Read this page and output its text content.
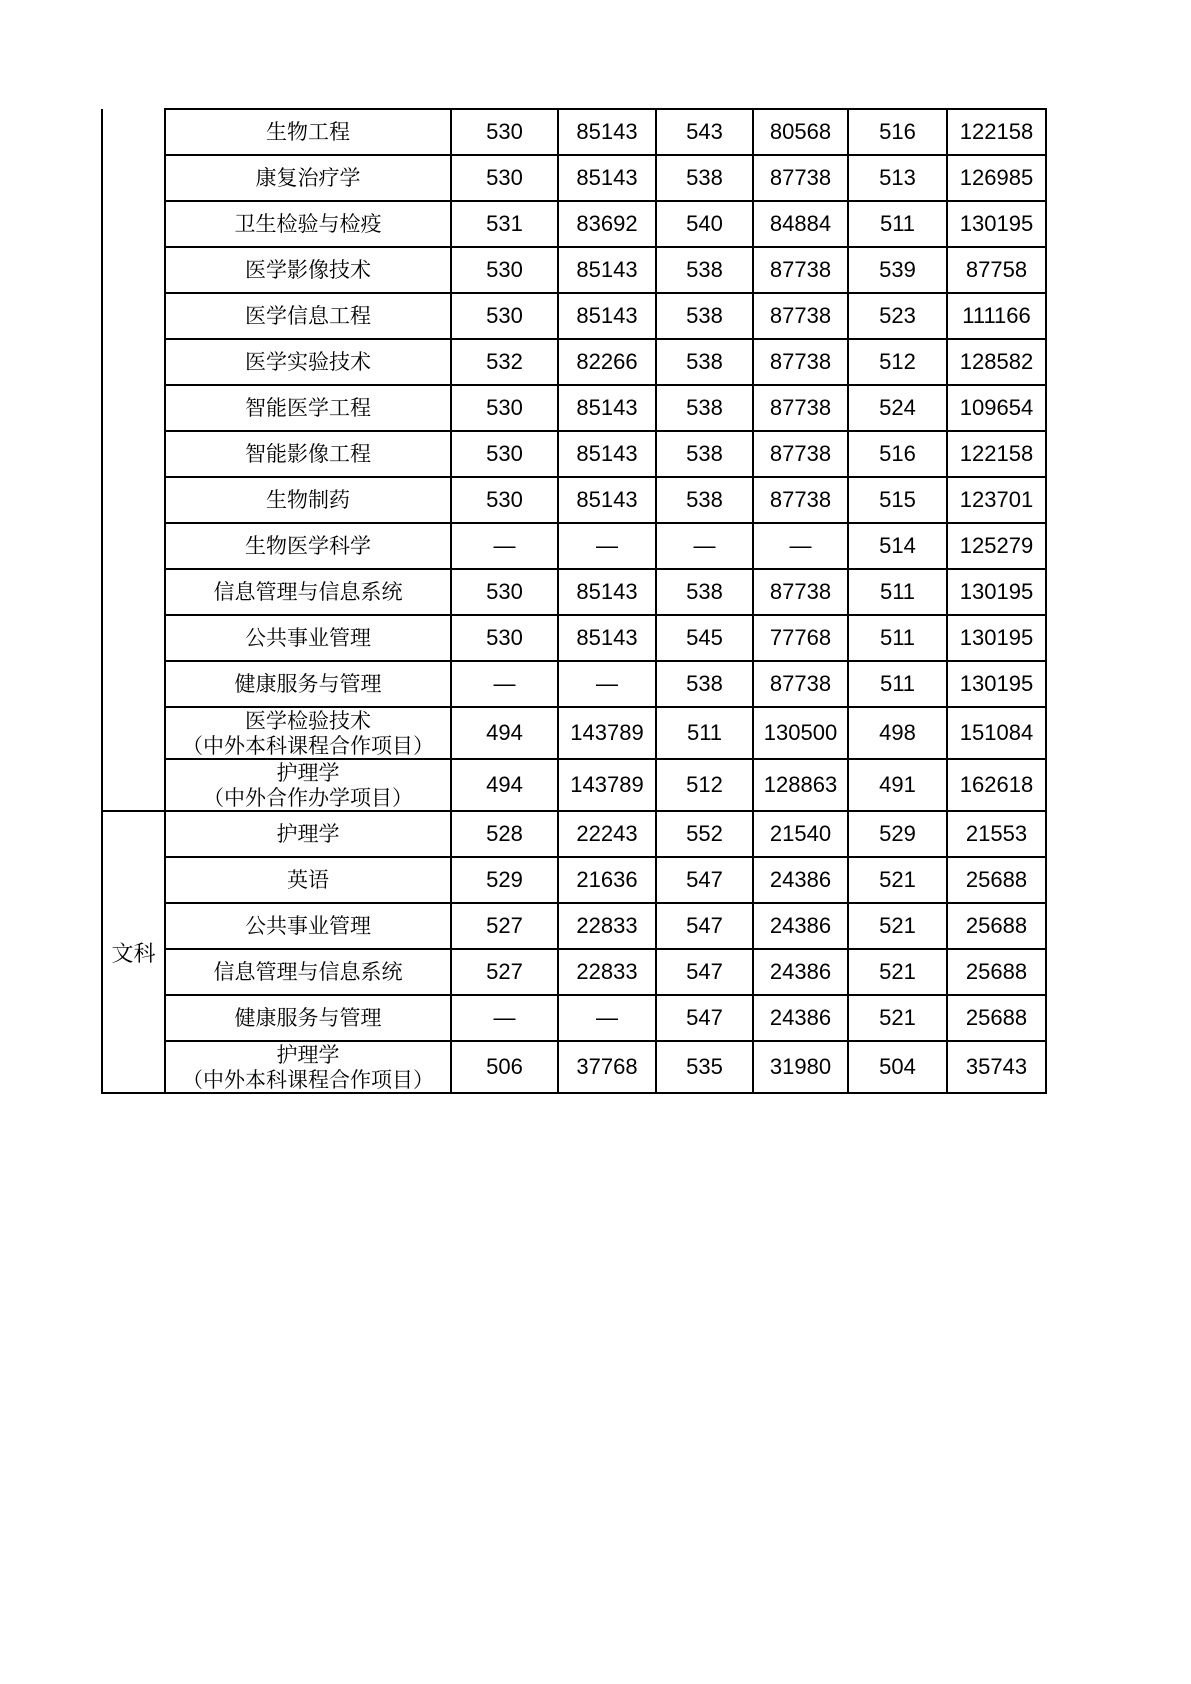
	生物工程	530	85143	543	80568	516	122158
	康复治疗学	530	85143	538	87738	513	126985
	卫生检验与检疫	531	83692	540	84884	511	130195
	医学影像技术	530	85143	538	87738	539	87758
	医学信息工程	530	85143	538	87738	523	111166
	医学实验技术	532	82266	538	87738	512	128582
	智能医学工程	530	85143	538	87738	524	109654
	智能影像工程	530	85143	538	87738	516	122158
	生物制药	530	85143	538	87738	515	123701
	生物医学科学	—	—	—	—	514	125279
	信息管理与信息系统	530	85143	538	87738	511	130195
	公共事业管理	530	85143	545	77768	511	130195
	健康服务与管理	—	—	538	87738	511	130195
	医学检验技术
（中外本科课程合作项目）	494	143789	511	130500	498	151084
	护理学
（中外合作办学项目）	494	143789	512	128863	491	162618
文科	护理学	528	22243	552	21540	529	21553
	英语	529	21636	547	24386	521	25688
	公共事业管理	527	22833	547	24386	521	25688
	信息管理与信息系统	527	22833	547	24386	521	25688
	健康服务与管理	—	—	547	24386	521	25688
	护理学
（中外本科课程合作项目）	506	37768	535	31980	504	35743
